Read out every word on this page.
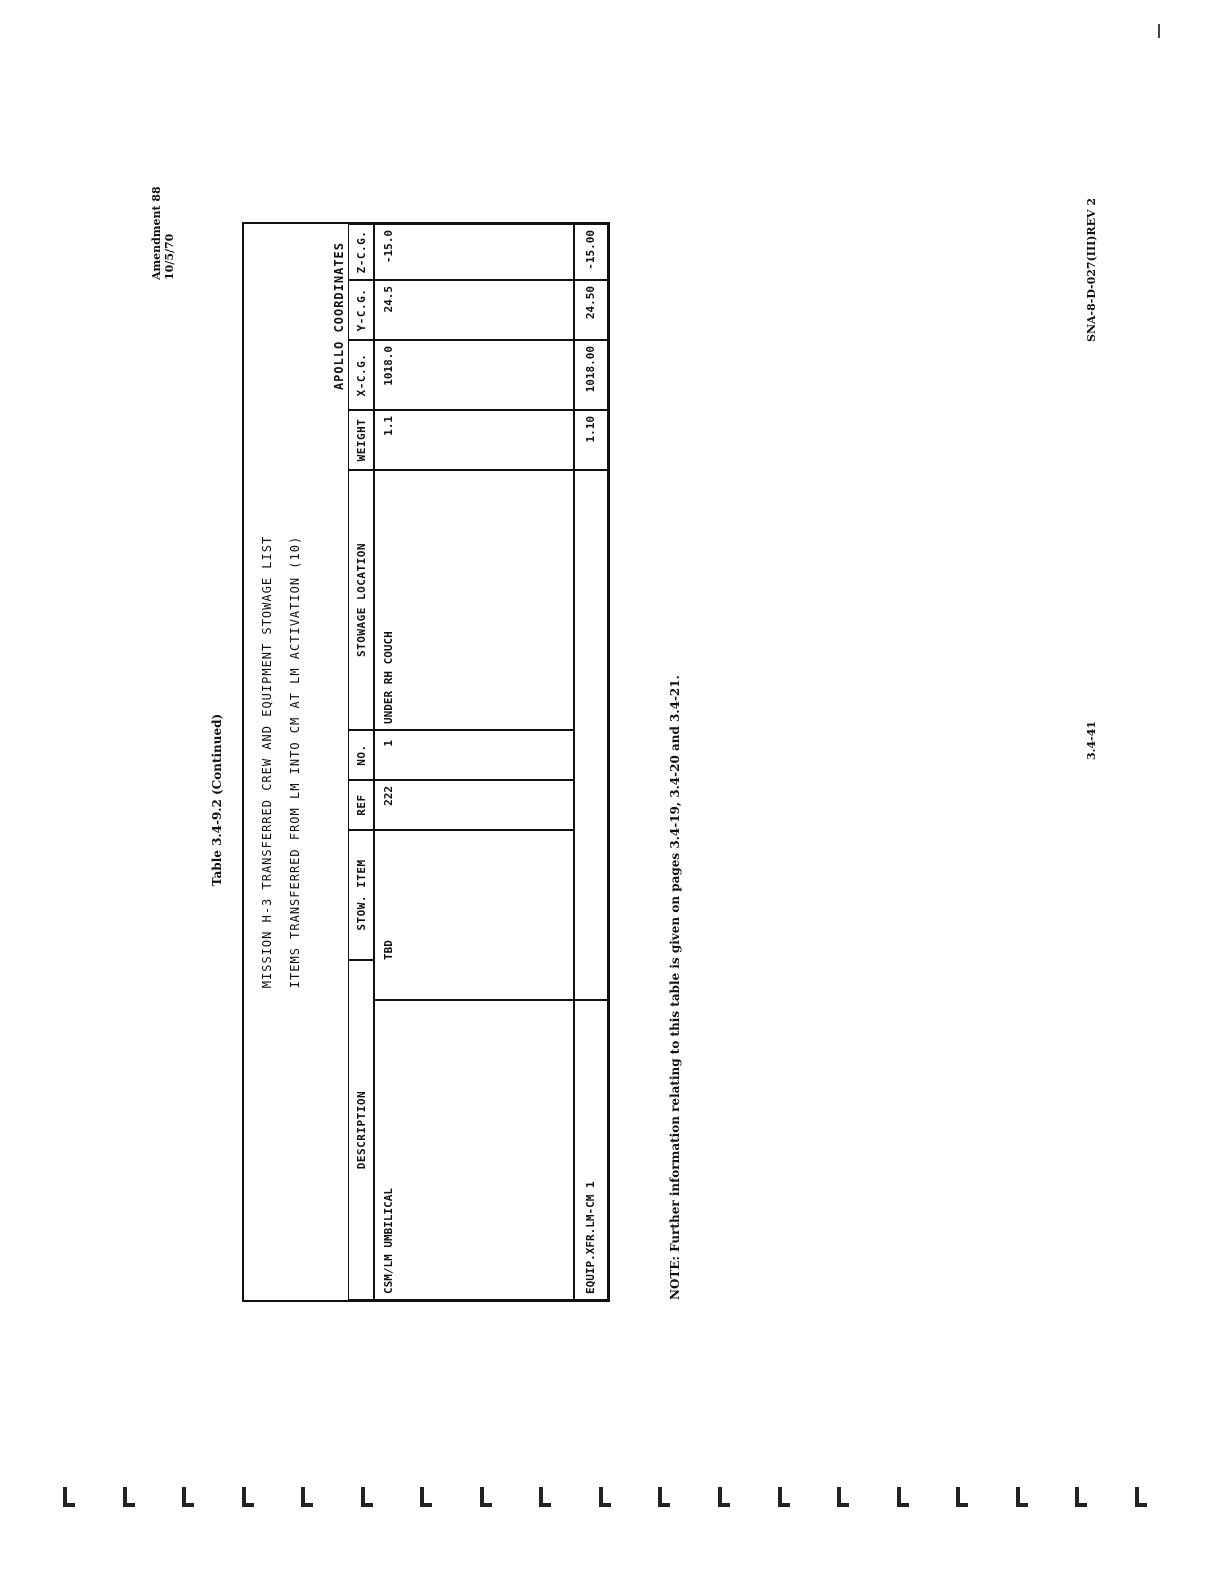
Amendment 88 10/5/70
Table 3.4-9.2 (Continued)	MISSION H-3 TRANSFERRED CREW AND EQUIPMENT STOWAGE LIST ITEMS TRANSFERRED FROM LM INTO CM AT LM ACTIVATION (10)
APOLLO COORDINATES
DESCRIPTION
STOW. ITEM
REF
NO.
STOWAGE LOCATION
WEIGHT
X-C.G.
Y-C.G.
Z-C.G.
CSM/LM UMBILICAL
TBD
222
1
UNDER RH COUCH
1.1
1018.0
24.5
-15.0
EQUIP.XFR.LM-CM 1
1.10
1018.00
24.50
-15.00
NOTE: Further information relating to this table is given on pages 3.4-19, 3.4-20 and 3.4-21.	3.4-41
SNA-8-D-027(III)REV 2
